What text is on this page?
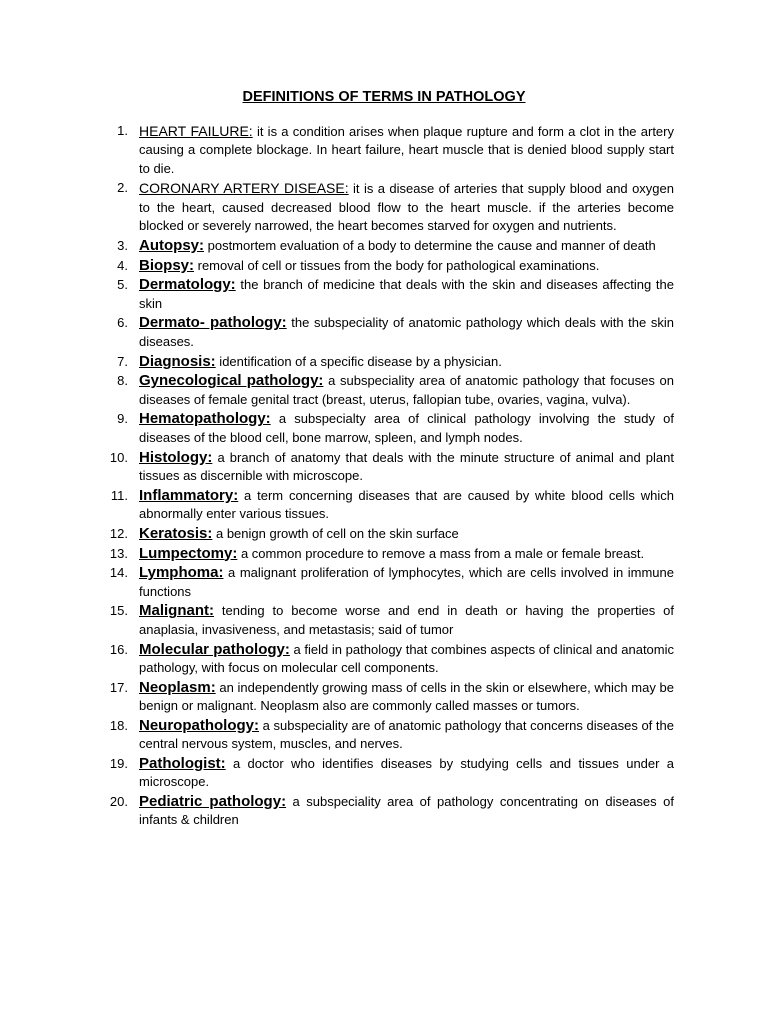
DEFINITIONS OF TERMS IN PATHOLOGY
1. HEART FAILURE: it is a condition arises when plaque rupture and form a clot in the artery causing a complete blockage. In heart failure, heart muscle that is denied blood supply start to die.
2. CORONARY ARTERY DISEASE: it is a disease of arteries that supply blood and oxygen to the heart, caused decreased blood flow to the heart muscle. if the arteries become blocked or severely narrowed, the heart becomes starved for oxygen and nutrients.
3. Autopsy: postmortem evaluation of a body to determine the cause and manner of death
4. Biopsy: removal of cell or tissues from the body for pathological examinations.
5. Dermatology: the branch of medicine that deals with the skin and diseases affecting the skin
6. Dermato- pathology: the subspeciality of anatomic pathology which deals with the skin diseases.
7. Diagnosis: identification of a specific disease by a physician.
8. Gynecological pathology: a subspeciality area of anatomic pathology that focuses on diseases of female genital tract (breast, uterus, fallopian tube, ovaries, vagina, vulva).
9. Hematopathology: a subspecialty area of clinical pathology involving the study of diseases of the blood cell, bone marrow, spleen, and lymph nodes.
10. Histology: a branch of anatomy that deals with the minute structure of animal and plant tissues as discernible with microscope.
11. Inflammatory: a term concerning diseases that are caused by white blood cells which abnormally enter various tissues.
12. Keratosis: a benign growth of cell on the skin surface
13. Lumpectomy: a common procedure to remove a mass from a male or female breast.
14. Lymphoma: a malignant proliferation of lymphocytes, which are cells involved in immune functions
15. Malignant: tending to become worse and end in death or having the properties of anaplasia, invasiveness, and metastasis; said of tumor
16. Molecular pathology: a field in pathology that combines aspects of clinical and anatomic pathology, with focus on molecular cell components.
17. Neoplasm: an independently growing mass of cells in the skin or elsewhere, which may be benign or malignant. Neoplasm also are commonly called masses or tumors.
18. Neuropathology: a subspeciality are of anatomic pathology that concerns diseases of the central nervous system, muscles, and nerves.
19. Pathologist: a doctor who identifies diseases by studying cells and tissues under a microscope.
20. Pediatric pathology: a subspeciality area of pathology concentrating on diseases of infants & children
